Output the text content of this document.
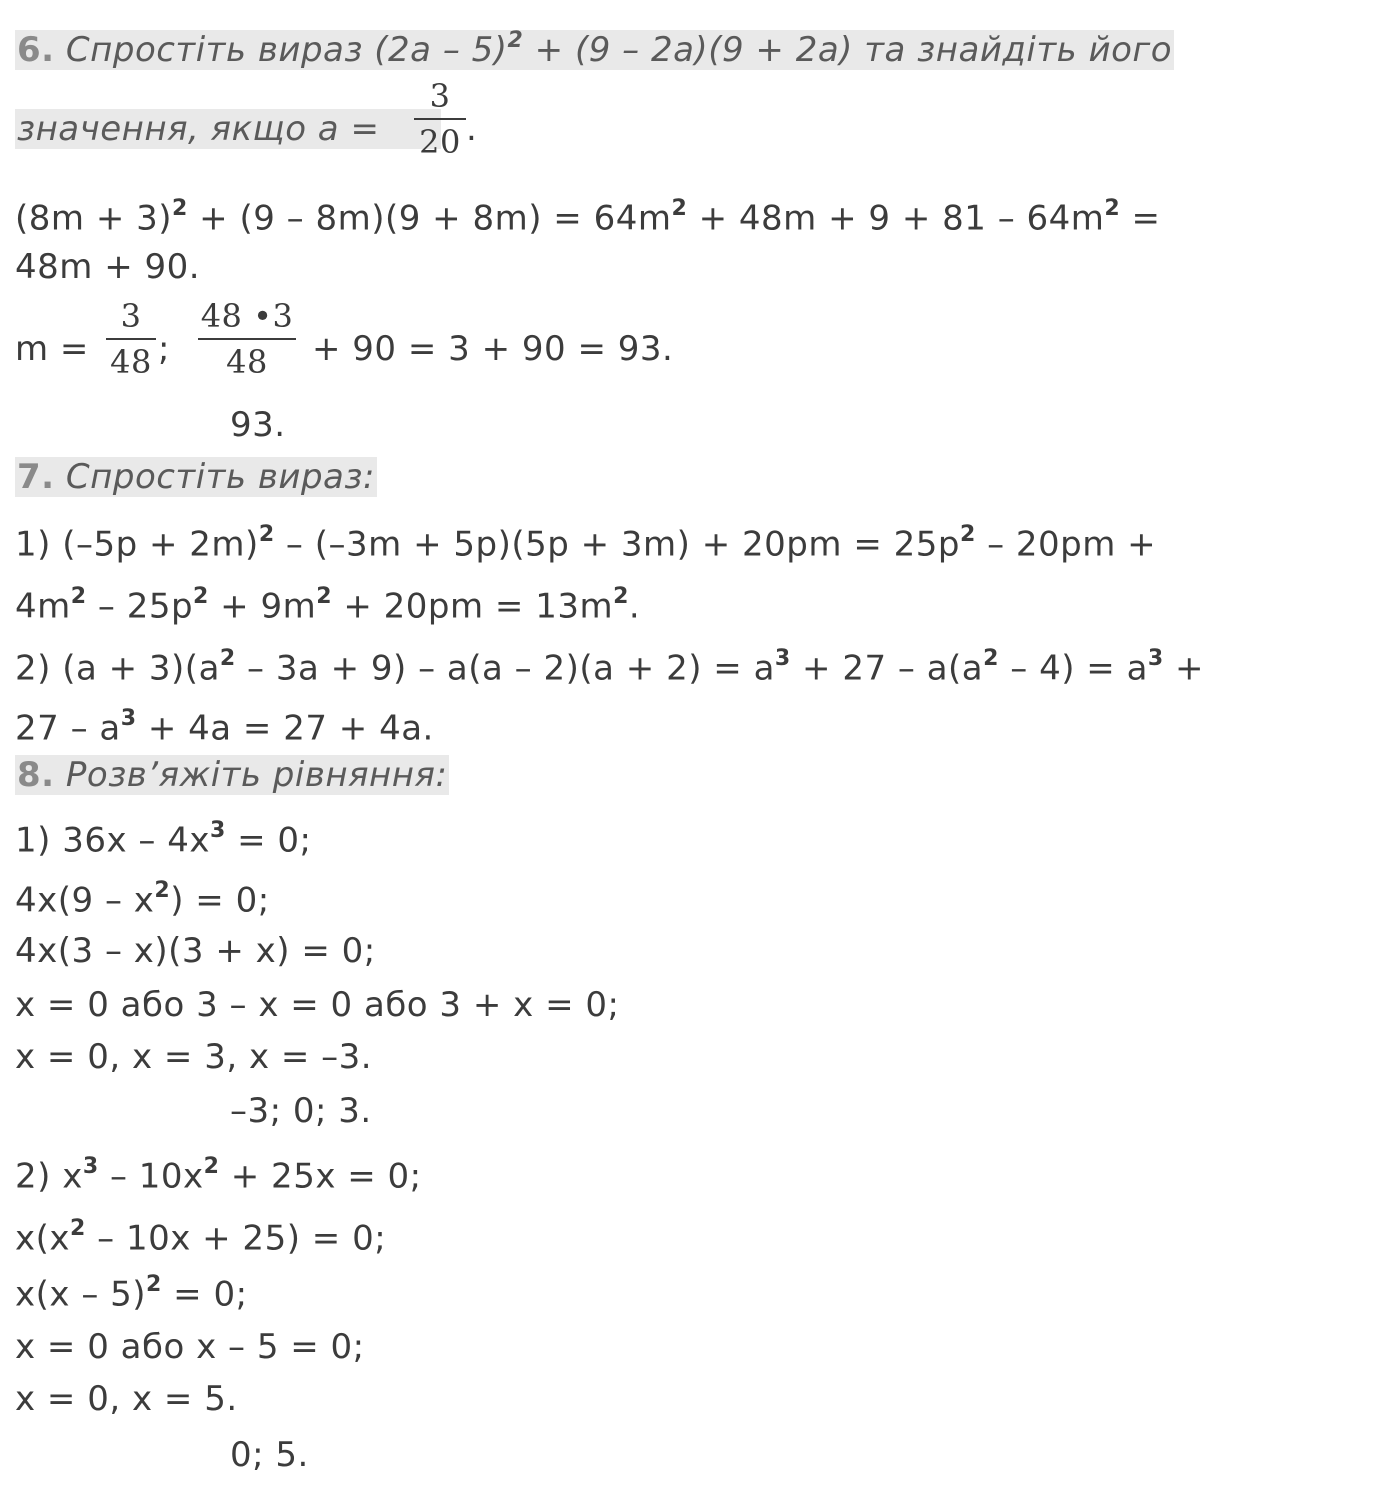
6. Спростіть вираз (2a – 5)$^2$ + (9 – 2a)(9 + 2a) та знайдіть його
значення, якщо a =
3
20 .
$(8m + 3)^2 + (9 - 8m)(9 + 8m) = 64m^2 + 48m + 9 + 81 - 64m^2$ =
48m + 90.
m =
3
48 ;
48 •3
48	+ 90 = 3 + 90 = 93.
93.
7. Спростіть вираз:
1) $(-5p + 2m)^2 - (-3m + 5p)(5p + 3m) + 20pm = 25p^2 - 20pm$ +
$4m^2 - 25p^2 + 9m^2 + 20pm = 13m^2$.
2) $(a + 3)(a^2 - 3a + 9) - a(a - 2)(a + 2) = a^3 + 27 - a(a^2 - 4) = a^3$ +
$27 - a^3 + 4a = 27 + 4a$.
8. Розв’яжіть рівняння:
1) $36x - 4x^3 = 0$;
$4x(9 - x^2) = 0$;
4x(3 – x)(3 + x) = 0;
x = 0 або 3 – x = 0 або 3 + x = 0;
x = 0, x = 3, x = –3.
–3; 0; 3.
2) $x^3 - 10x^2 + 25x = 0$;
$x(x^2 - 10x + 25) = 0$;
x(x – 5)$^2$ = 0;
x = 0 або x – 5 = 0;
x = 0, x = 5.
0; 5.
